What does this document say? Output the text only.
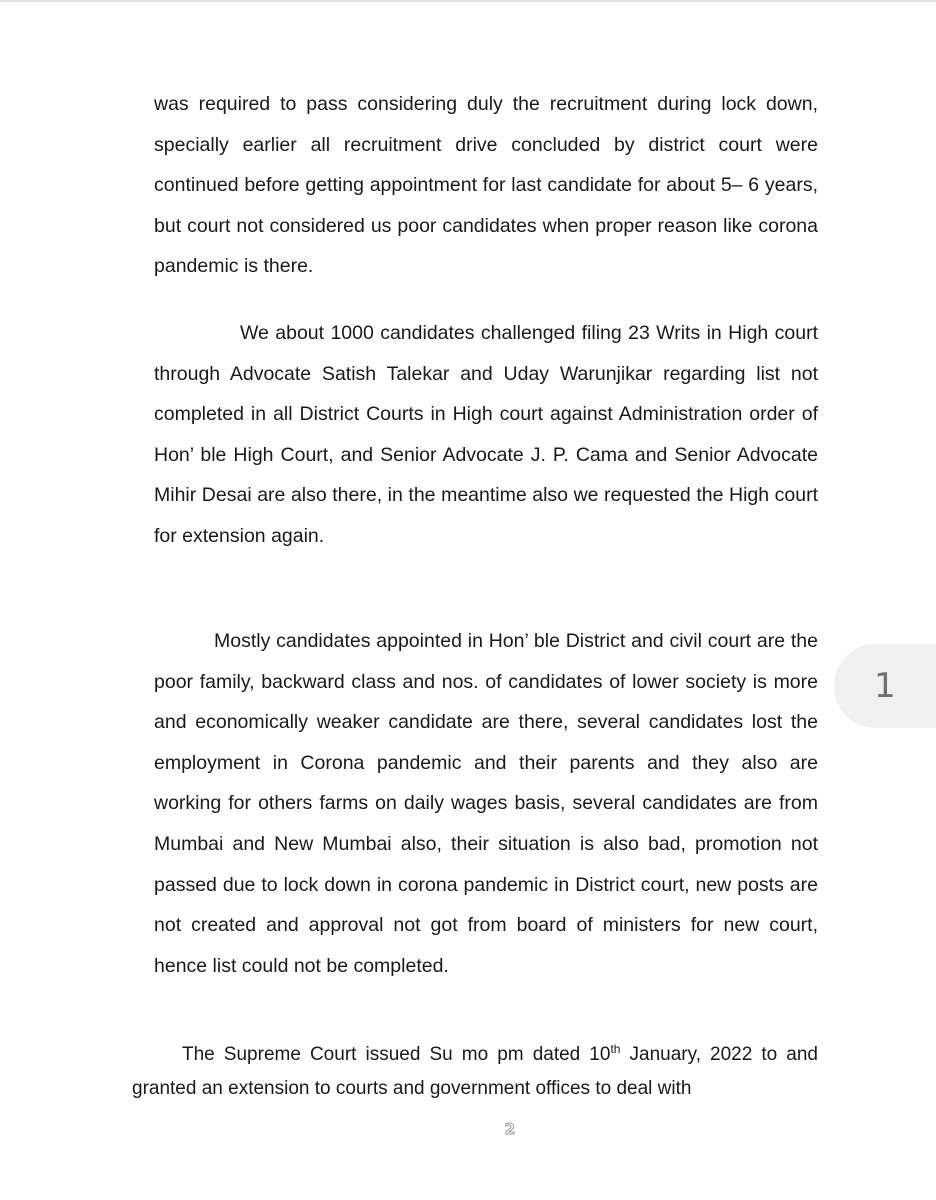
was required to pass considering duly the recruitment during lock down, specially earlier all recruitment drive concluded by district court were continued before getting appointment for last candidate for about 5– 6 years, but court not considered us poor candidates when proper reason like corona pandemic is there.

We about 1000 candidates challenged filing 23 Writs in High court through Advocate Satish Talekar and Uday Warunjikar regarding list not completed in all District Courts in High court against Administration order of Hon’ ble High Court, and Senior Advocate J. P. Cama and Senior Advocate Mihir Desai are also there, in the meantime also we requested the High court for extension again.

Mostly candidates appointed in Hon’ ble District and civil court are the poor family, backward class and nos. of candidates of lower society is more and economically weaker candidate are there, several candidates lost the employment in Corona pandemic and their parents and they also are working for others farms on daily wages basis, several candidates are from Mumbai and New Mumbai also, their situation is also bad, promotion not passed due to lock down in corona pandemic in District court, new posts are not created and approval not got from board of ministers for new court, hence list could not be completed.

The Supreme Court issued Su mo pm dated 10th January, 2022 to and granted an extension to courts and government offices to deal with

2
1
